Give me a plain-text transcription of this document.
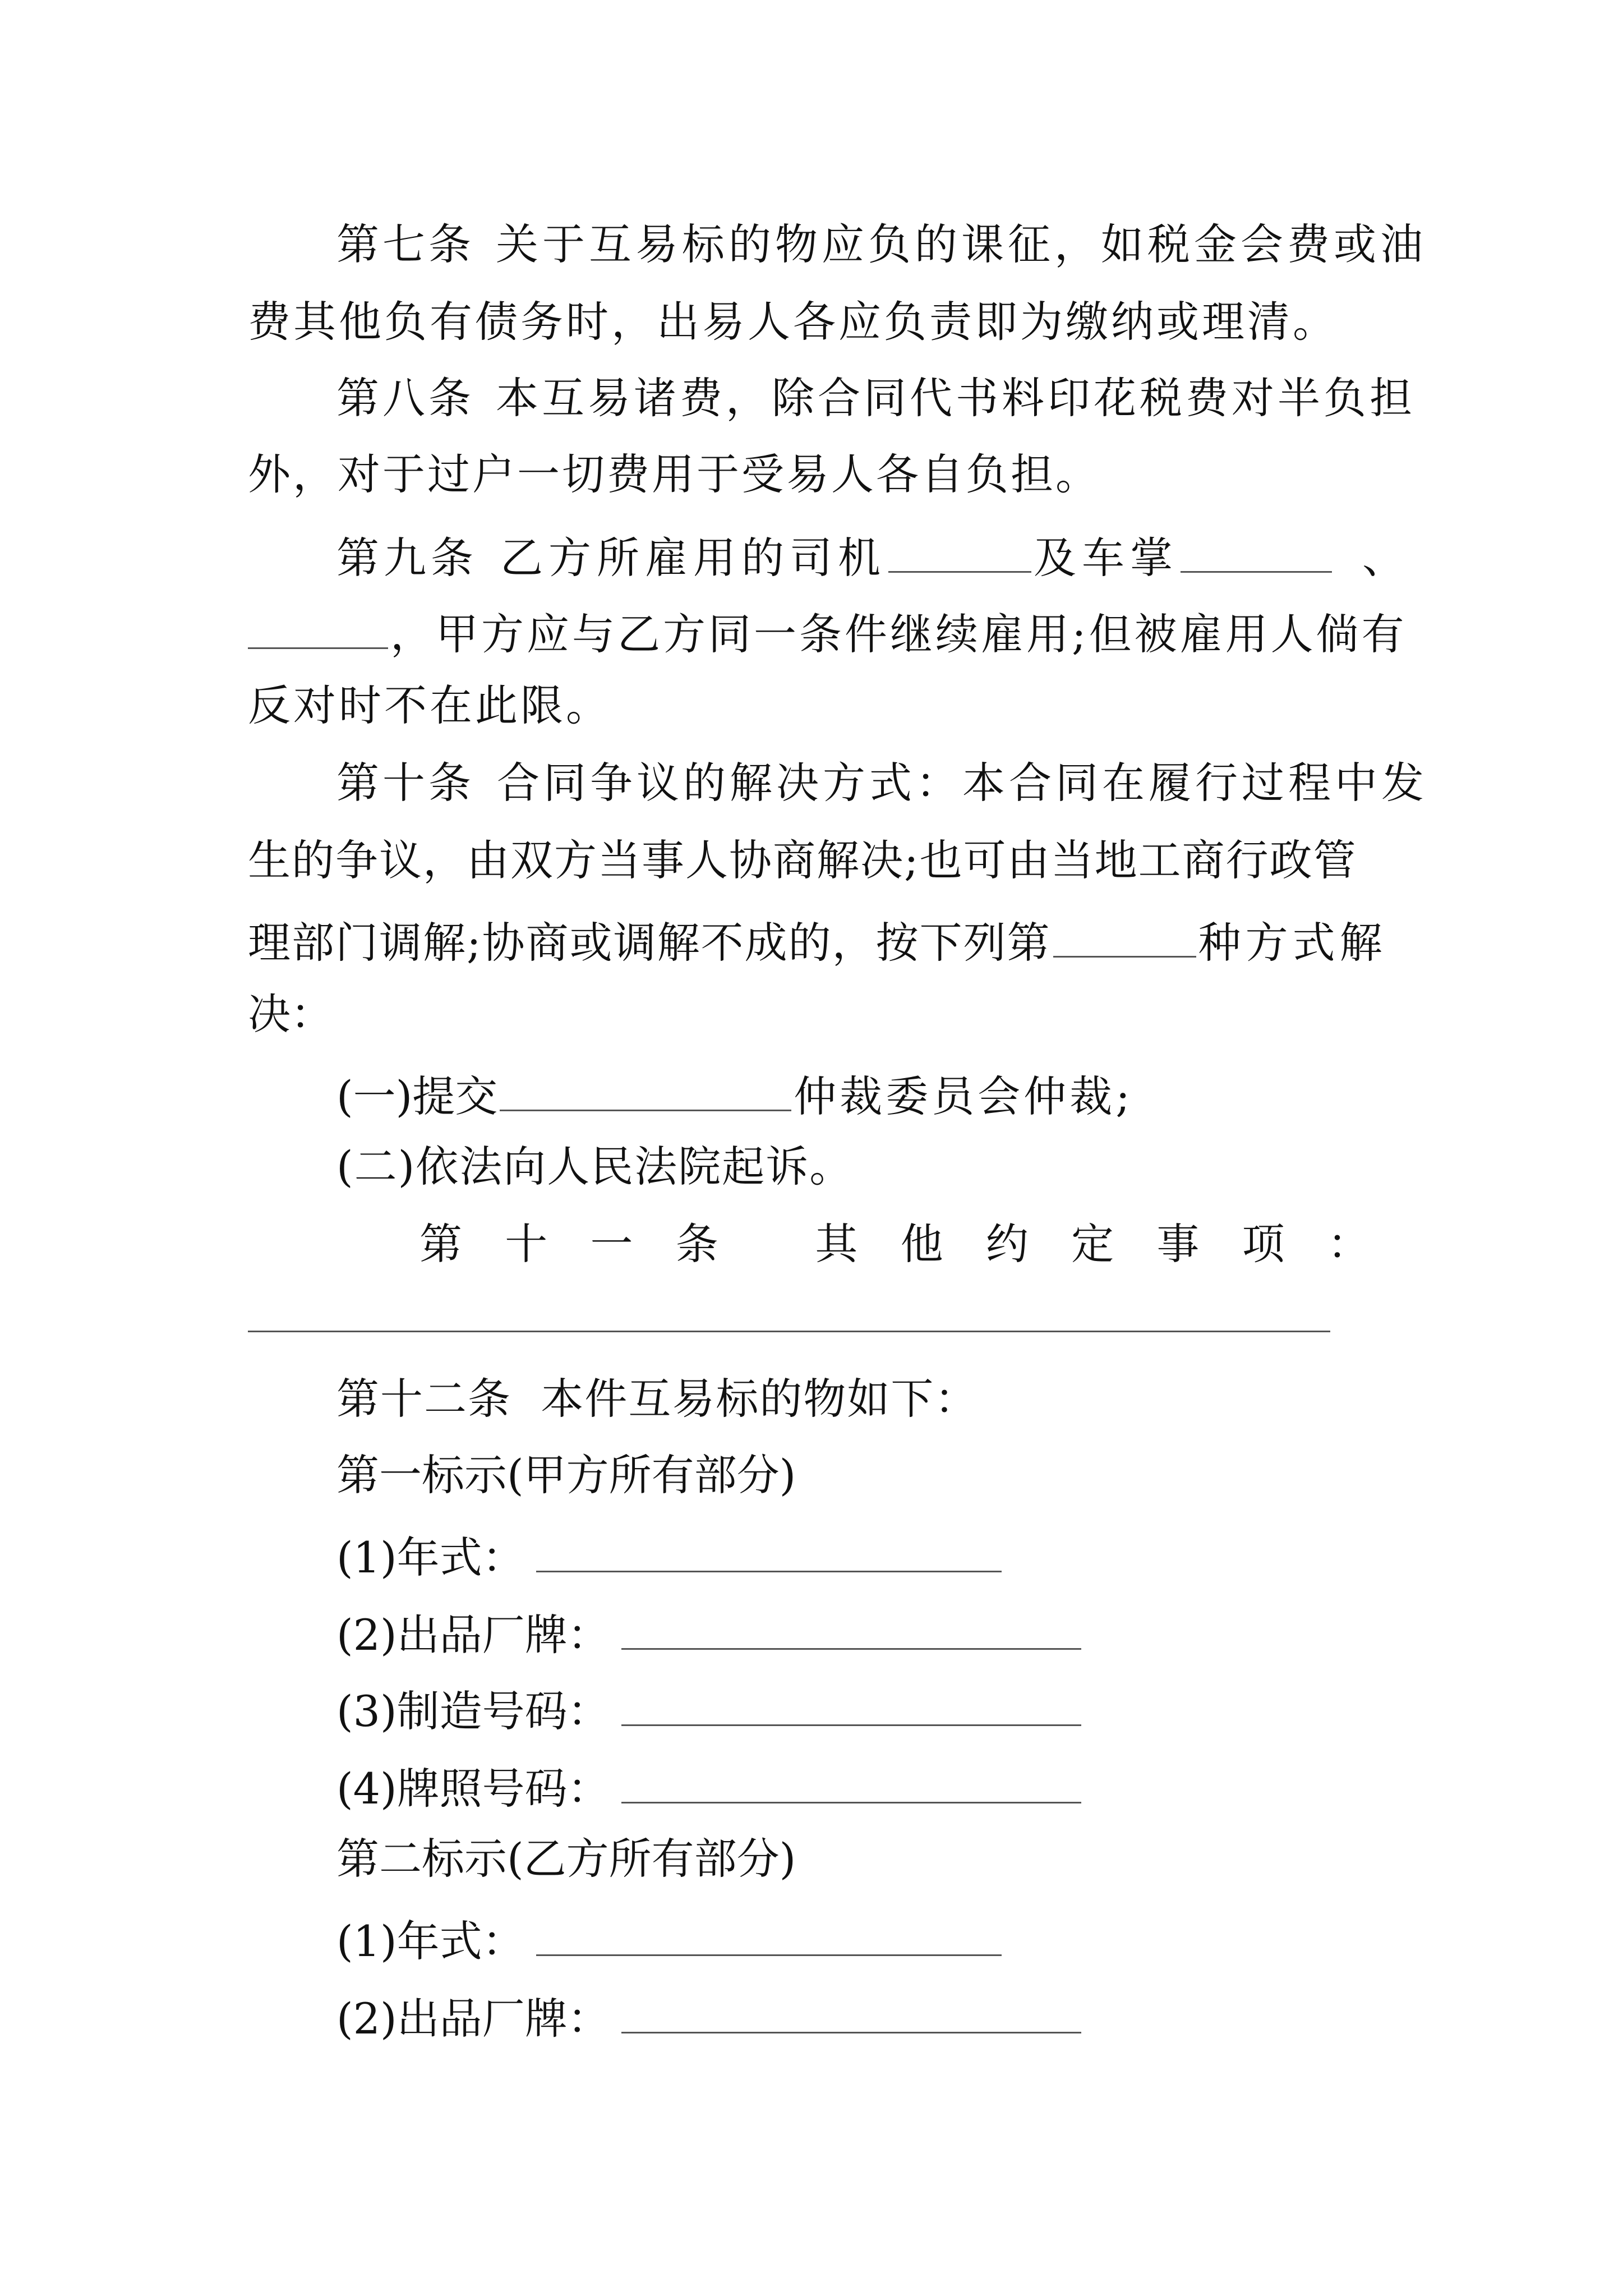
第七条 关于互易标的物应负的课征，如税金会费或油
费其他负有债务时，出易人各应负责即为缴纳或理清。
第八条 本互易诸费，除合同代书料印花税费对半负担
外，对于过户一切费用于受易人各自负担。
第九条 乙方所雇用的司机	及车掌	、
，甲方应与乙方同一条件继续雇用;但被雇用人倘有
反对时不在此限。
第十条 合同争议的解决方式：本合同在履行过程中发
生的争议，由双方当事人协商解决;也可由当地工商行政管
理部门调解;协商或调解不成的，按下列第	种方式解
决：
(一)提交	仲裁委员会仲裁;
(二)依法向人民法院起诉。
第 十 一 条 其 他 约 定 事 项 ：
第十二条  本件互易标的物如下：
第一标示(甲方所有部分)
(1)年式：
(2)出品厂牌：
(3)制造号码：
(4)牌照号码：
第二标示(乙方所有部分)
(1)年式：
(2)出品厂牌：
